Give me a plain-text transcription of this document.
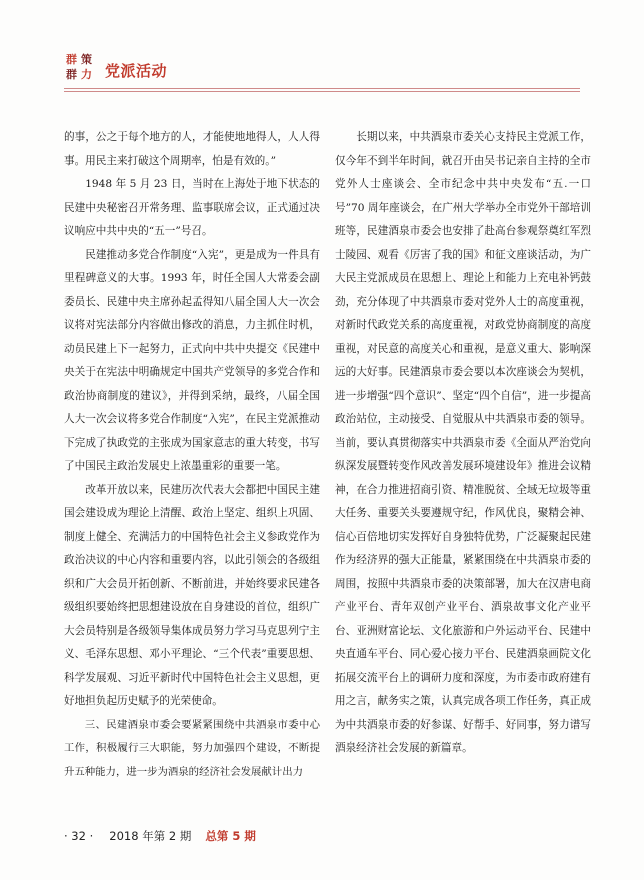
群 策
群 力 党派活动

的事，公之于每个地方的人，才能使地地得人，人人得事。用民主来打破这个周期率，怕是有效的。”

1948 年 5 月 23 日，当时在上海处于地下状态的民建中央秘密召开常务理、监事联席会议，正式通过决议响应中共中央的“五一”号召。

民建推动多党合作制度“入宪”，更是成为一件具有里程碑意义的大事。1993 年，时任全国人大常委会副委员长、民建中央主席孙起孟得知八届全国人大一次会议将对宪法部分内容做出修改的消息，力主抓住时机，动员民建上下一起努力，正式向中共中央提交《民建中央关于在宪法中明确规定中国共产党领导的多党合作和政治协商制度的建议》，并得到采纳，最终，八届全国人大一次会议将多党合作制度“入宪”，在民主党派推动下完成了执政党的主张成为国家意志的重大转变，书写了中国民主政治发展史上浓墨重彩的重要一笔。

改革开放以来，民建历次代表大会都把中国民主建国会建设成为理论上清醒、政治上坚定、组织上巩固、制度上健全、充满活力的中国特色社会主义参政党作为政治决议的中心内容和重要内容，以此引领会的各级组织和广大会员开拓创新、不断前进，并始终要求民建各级组织要始终把思想建设放在自身建设的首位，组织广大会员特别是各级领导集体成员努力学习马克思列宁主义、毛泽东思想、邓小平理论、“三个代表”重要思想、科学发展观、习近平新时代中国特色社会主义思想，更好地担负起历史赋予的光荣使命。

三、民建酒泉市委会要紧紧围绕中共酒泉市委中心工作，积极履行三大职能，努力加强四个建设，不断提升五种能力，进一步为酒泉的经济社会发展献计出力

长期以来，中共酒泉市委关心支持民主党派工作，仅今年不到半年时间，就召开由吴书记亲自主持的全市党外人士座谈会、全市纪念中共中央发布“五.一口号”70 周年座谈会，在广州大学举办全市党外干部培训班等，民建酒泉市委会也安排了赴高台参观祭奠红军烈士陵园、观看《厉害了我的国》和征文座谈活动，为广大民主党派成员在思想上、理论上和能力上充电补钙鼓劲，充分体现了中共酒泉市委对党外人士的高度重视，对新时代政党关系的高度重视，对政党协商制度的高度重视，对民意的高度关心和重视，是意义重大、影响深远的大好事。民建酒泉市委会要以本次座谈会为契机，进一步增强“四个意识”、坚定“四个自信”，进一步提高政治站位，主动接受、自觉服从中共酒泉市委的领导。当前，要认真贯彻落实中共酒泉市委《全面从严治党向纵深发展暨转变作风改善发展环境建设年》推进会议精神，在合力推进招商引资、精准脱贫、全域无垃圾等重大任务、重要关头要遵规守纪，作风优良，聚精会神、信心百倍地切实发挥好自身独特优势，广泛凝聚起民建作为经济界的强大正能量，紧紧围绕在中共酒泉市委的周围，按照中共酒泉市委的决策部署，加大在汉唐电商产业平台、青年双创产业平台、酒泉故事文化产业平台、亚洲财富论坛、文化旅游和户外运动平台、民建中央直通车平台、同心爱心接力平台、民建酒泉画院文化拓展交流平台上的调研力度和深度，为市委市政府建有用之言，献务实之策，认真完成各项工作任务，真正成为中共酒泉市委的好参谋、好帮手、好同事，努力谱写酒泉经济社会发展的新篇章。

· 32 · 2018 年第 2 期 总第 5 期
